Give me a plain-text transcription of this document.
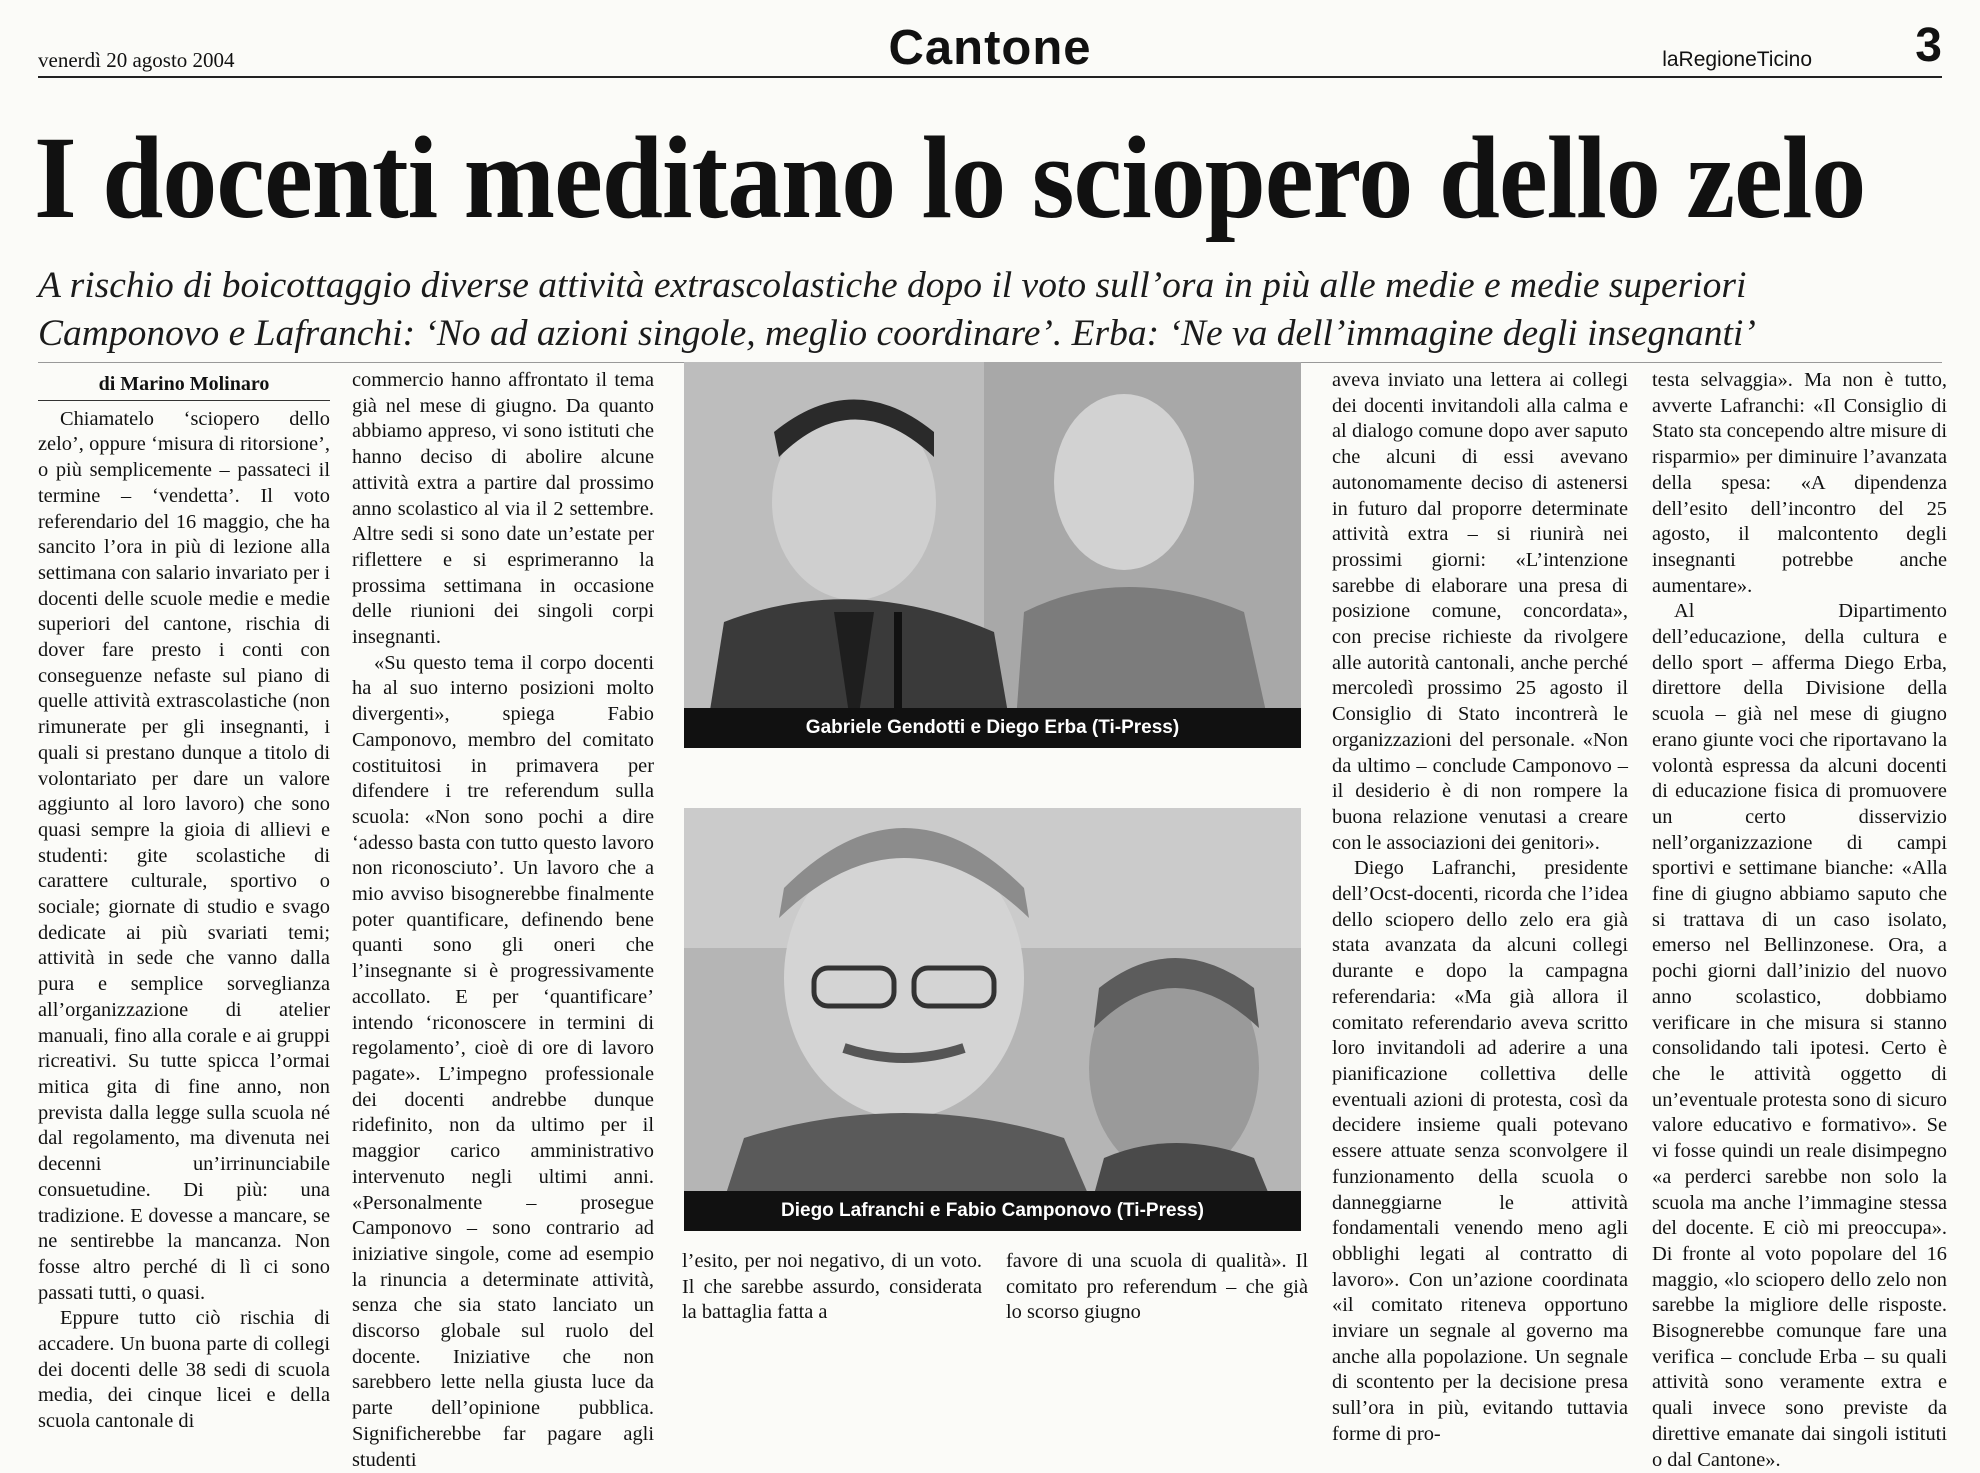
venerdì 20 agosto 2004	Cantone	laRegioneTicino 3
I docenti meditano lo sciopero dello zelo
A rischio di boicottaggio diverse attività extrascolastiche dopo il voto sull’ora in più alle medie e medie superiori
Camponovo e Lafranchi: ‘No ad azioni singole, meglio coordinare’. Erba: ‘Ne va dell’immagine degli insegnanti’
di Marino Molinaro

Chiamatelo ‘sciopero dello zelo’, oppure ‘misura di ritorsione’, o più semplicemente – passateci il termine – ‘vendetta’. Il voto referendario del 16 maggio, che ha sancito l’ora in più di lezione alla settimana con salario invariato per i docenti delle scuole medie e medie superiori del cantone, rischia di dover fare presto i conti con conseguenze nefaste sul piano di quelle attività extrascolastiche (non rimunerate per gli insegnanti, i quali si prestano dunque a titolo di volontariato per dare un valore aggiunto al loro lavoro) che sono quasi sempre la gioia di allievi e studenti: gite scolastiche di carattere culturale, sportivo o sociale; giornate di studio e svago dedicate ai più svariati temi; attività in sede che vanno dalla pura e semplice sorveglianza all’organizzazione di atelier manuali, fino alla corale e ai gruppi ricreativi. Su tutte spicca l’ormai mitica gita di fine anno, non prevista dalla legge sulla scuola né dal regolamento, ma divenuta nei decenni un’irrinunciabile consuetudine. Di più: una tradizione. E dovesse a mancare, se ne sentirebbe la mancanza. Non fosse altro perché di lì ci sono passati tutti, o quasi.

Eppure tutto ciò rischia di accadere. Un buona parte di collegi dei docenti delle 38 sedi di scuola media, dei cinque licei e della scuola cantonale di

commercio hanno affrontato il tema già nel mese di giugno. Da quanto abbiamo appreso, vi sono istituti che hanno deciso di abolire alcune attività extra a partire dal prossimo anno scolastico al via il 2 settembre. Altre sedi si sono date un’estate per riflettere e si esprimeranno la prossima settimana in occasione delle riunioni dei singoli corpi insegnanti.

«Su questo tema il corpo docenti ha al suo interno posizioni molto divergenti», spiega Fabio Camponovo, membro del comitato costituitosi in primavera per difendere i tre referendum sulla scuola: «Non sono pochi a dire ‘adesso basta con tutto questo lavoro non riconosciuto’. Un lavoro che a mio avviso bisognerebbe finalmente poter quantificare, definendo bene quanti sono gli oneri che l’insegnante si è progressivamente accollato. E per ‘quantificare’ intendo ‘riconoscere in termini di regolamento’, cioè di ore di lavoro pagate». L’impegno professionale dei docenti andrebbe dunque ridefinito, non da ultimo per il maggior carico amministrativo intervenuto negli ultimi anni. «Personalmente – prosegue Camponovo – sono contrario ad iniziative singole, come ad esempio la rinuncia a determinate attività, senza che sia stato lanciato un discorso globale sul ruolo del docente. Iniziative che non sarebbero lette nella giusta luce da parte dell’opinione pubblica. Significherebbe far pagare agli studenti

Gabriele Gendotti e Diego Erba (Ti-Press)
Diego Lafranchi e Fabio Camponovo (Ti-Press)
l’esito, per noi negativo, di un voto. Il che sarebbe assurdo, considerata la battaglia fatta a
favore di una scuola di qualità». Il comitato pro referendum – che già lo scorso giugno

aveva inviato una lettera ai collegi dei docenti invitandoli alla calma e al dialogo comune dopo aver saputo che alcuni di essi avevano autonomamente deciso di astenersi in futuro dal proporre determinate attività extra – si riunirà nei prossimi giorni: «L’intenzione sarebbe di elaborare una presa di posizione comune, concordata», con precise richieste da rivolgere alle autorità cantonali, anche perché mercoledì prossimo 25 agosto il Consiglio di Stato incontrerà le organizzazioni del personale. «Non da ultimo – conclude Camponovo – il desiderio è di non rompere la buona relazione venutasi a creare con le associazioni dei genitori».

Diego Lafranchi, presidente dell’Ocst-docenti, ricorda che l’idea dello sciopero dello zelo era già stata avanzata da alcuni collegi durante e dopo la campagna referendaria: «Ma già allora il comitato referendario aveva scritto loro invitandoli ad aderire a una pianificazione collettiva delle eventuali azioni di protesta, così da decidere insieme quali potevano essere attuate senza sconvolgere il funzionamento della scuola o danneggiarne le attività fondamentali venendo meno agli obblighi legati al contratto di lavoro». Con un’azione coordinata «il comitato riteneva opportuno inviare un segnale al governo ma anche alla popolazione. Un segnale di scontento per la decisione presa sull’ora in più, evitando tuttavia forme di pro-

testa selvaggia». Ma non è tutto, avverte Lafranchi: «Il Consiglio di Stato sta concependo altre misure di risparmio» per diminuire l’avanzata della spesa: «A dipendenza dell’esito dell’incontro del 25 agosto, il malcontento degli insegnanti potrebbe anche aumentare».

Al Dipartimento dell’educazione, della cultura e dello sport – afferma Diego Erba, direttore della Divisione della scuola – già nel mese di giugno erano giunte voci che riportavano la volontà espressa da alcuni docenti di educazione fisica di promuovere un certo disservizio nell’organizzazione di campi sportivi e settimane bianche: «Alla fine di giugno abbiamo saputo che si trattava di un caso isolato, emerso nel Bellinzonese. Ora, a pochi giorni dall’inizio del nuovo anno scolastico, dobbiamo verificare in che misura si stanno consolidando tali ipotesi. Certo è che le attività oggetto di un’eventuale protesta sono di sicuro valore educativo e formativo». Se vi fosse quindi un reale disimpegno «a perderci sarebbe non solo la scuola ma anche l’immagine stessa del docente. E ciò mi preoccupa». Di fronte al voto popolare del 16 maggio, «lo sciopero dello zelo non sarebbe la migliore delle risposte. Bisognerebbe comunque fare una verifica – conclude Erba – su quali attività sono veramente extra e quali invece sono previste da direttive emanate dai singoli istituti o dal Cantone».
